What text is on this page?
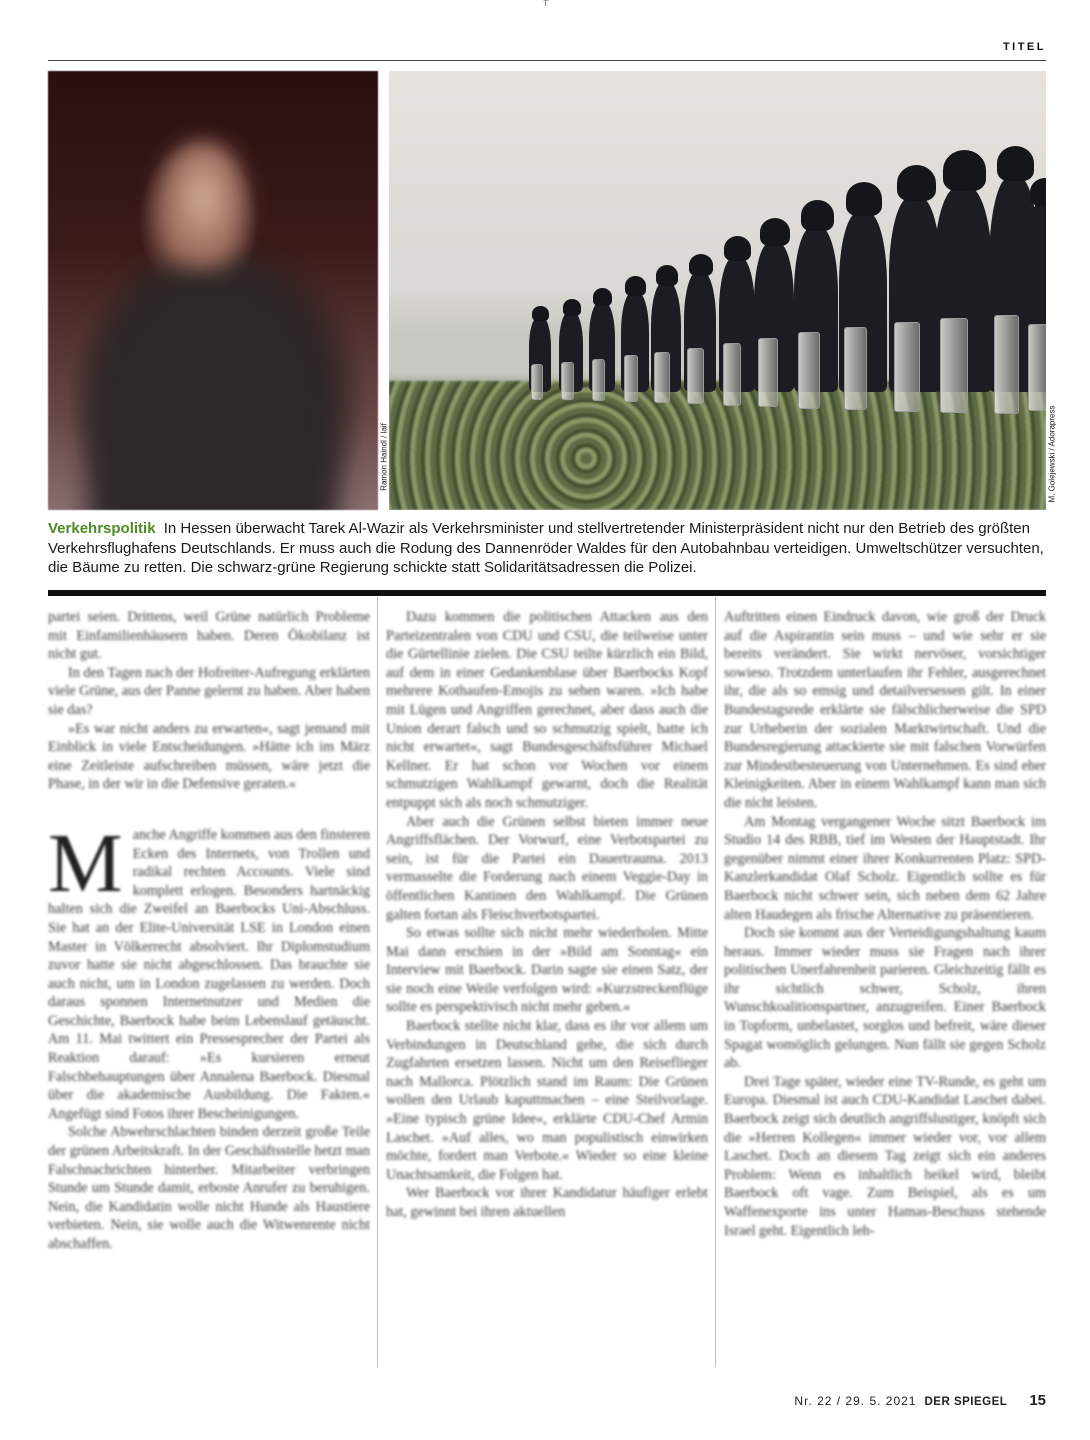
TITEL
Ramon Haindl / laif	M. Golejewski / Adorapress
Verkehrspolitik In Hessen überwacht Tarek Al-Wazir als Verkehrsminister und stellvertretender Ministerpräsident nicht nur den Betrieb des größten Verkehrsflughafens Deutschlands. Er muss auch die Rodung des Dannenröder Waldes für den Autobahnbau verteidigen. Umweltschützer versuchten, die Bäume zu retten. Die schwarz-grüne Regierung schickte statt Solidaritätsadressen die Polizei.

partei seien. Drittens, weil Grüne natürlich Probleme mit Einfamilienhäusern haben. Deren Ökobilanz ist nicht gut.

In den Tagen nach der Hofreiter-Aufregung erklärten viele Grüne, aus der Panne gelernt zu haben. Aber haben sie das?

»Es war nicht anders zu erwarten«, sagt jemand mit Einblick in viele Entscheidungen. »Hätte ich im März eine Zeitleiste aufschreiben müssen, wäre jetzt die Phase, in der wir in die Defensive geraten.«

M anche Angriffe kommen aus den finsteren Ecken des Internets, von Trollen und radikal rechten Accounts. Viele sind komplett erlogen. Besonders hartnäckig halten sich die Zweifel an Baerbocks Uni-Abschluss. Sie hat an der Elite-Universität LSE in London einen Master in Völkerrecht absolviert. Ihr Diplomstudium zuvor hatte sie nicht abgeschlossen. Das brauchte sie auch nicht, um in London zugelassen zu werden. Doch daraus sponnen Internetnutzer und Medien die Geschichte, Baerbock habe beim Lebenslauf getäuscht. Am 11. Mai twittert ein Pressesprecher der Partei als Reaktion darauf: »Es kursieren erneut Falschbehauptungen über Annalena Baerbock. Diesmal über die akademische Ausbildung. Die Fakten.« Angefügt sind Fotos ihrer Bescheinigungen.

Solche Abwehrschlachten binden derzeit große Teile der grünen Arbeitskraft. In der Geschäftsstelle hetzt man Falschnachrichten hinterher. Mitarbeiter verbringen Stunde um Stunde damit, erboste Anrufer zu beruhigen. Nein, die Kandidatin wolle nicht Hunde als Haustiere verbieten. Nein, sie wolle auch die Witwenrente nicht abschaffen.

Dazu kommen die politischen Attacken aus den Parteizentralen von CDU und CSU, die teilweise unter die Gürtellinie zielen. Die CSU teilte kürzlich ein Bild, auf dem in einer Gedankenblase über Baerbocks Kopf mehrere Kothaufen-Emojis zu sehen waren. »Ich habe mit Lügen und Angriffen gerechnet, aber dass auch die Union derart falsch und so schmutzig spielt, hatte ich nicht erwartet«, sagt Bundesgeschäftsführer Michael Kellner. Er hat schon vor Wochen vor einem schmutzigen Wahlkampf gewarnt, doch die Realität entpuppt sich als noch schmutziger.

Aber auch die Grünen selbst bieten immer neue Angriffsflächen. Der Vorwurf, eine Verbotspartei zu sein, ist für die Partei ein Dauertrauma. 2013 vermasselte die Forderung nach einem Veggie-Day in öffentlichen Kantinen den Wahlkampf. Die Grünen galten fortan als Fleischverbotspartei.

So etwas sollte sich nicht mehr wiederholen. Mitte Mai dann erschien in der »Bild am Sonntag« ein Interview mit Baerbock. Darin sagte sie einen Satz, der sie noch eine Weile verfolgen wird: »Kurzstreckenflüge sollte es perspektivisch nicht mehr geben.«

Baerbock stellte nicht klar, dass es ihr vor allem um Verbindungen in Deutschland gehe, die sich durch Zugfahrten ersetzen lassen. Nicht um den Reiseflieger nach Mallorca. Plötzlich stand im Raum: Die Grünen wollen den Urlaub kaputtmachen – eine Steilvorlage. »Eine typisch grüne Idee«, erklärte CDU-Chef Armin Laschet. »Auf alles, wo man populistisch einwirken möchte, fordert man Verbote.« Wieder so eine kleine Unachtsamkeit, die Folgen hat.

Wer Baerbock vor ihrer Kandidatur häufiger erlebt hat, gewinnt bei ihren aktuellen

Auftritten einen Eindruck davon, wie groß der Druck auf die Aspirantin sein muss – und wie sehr er sie bereits verändert. Sie wirkt nervöser, vorsichtiger sowieso. Trotzdem unterlaufen ihr Fehler, ausgerechnet ihr, die als so emsig und detailversessen gilt. In einer Bundestagsrede erklärte sie fälschlicherweise die SPD zur Urheberin der sozialen Marktwirtschaft. Und die Bundesregierung attackierte sie mit falschen Vorwürfen zur Mindestbesteuerung von Unternehmen. Es sind eher Kleinigkeiten. Aber in einem Wahlkampf kann man sich die nicht leisten.

Am Montag vergangener Woche sitzt Baerbock im Studio 14 des RBB, tief im Westen der Hauptstadt. Ihr gegenüber nimmt einer ihrer Konkurrenten Platz: SPD-Kanzlerkandidat Olaf Scholz. Eigentlich sollte es für Baerbock nicht schwer sein, sich neben dem 62 Jahre alten Haudegen als frische Alternative zu präsentieren.

Doch sie kommt aus der Verteidigungshaltung kaum heraus. Immer wieder muss sie Fragen nach ihrer politischen Unerfahrenheit parieren. Gleichzeitig fällt es ihr sichtlich schwer, Scholz, ihren Wunschkoalitionspartner, anzugreifen. Einer Baerbock in Topform, unbelastet, sorglos und befreit, wäre dieser Spagat womöglich gelungen. Nun fällt sie gegen Scholz ab.

Drei Tage später, wieder eine TV-Runde, es geht um Europa. Diesmal ist auch CDU-Kandidat Laschet dabei. Baerbock zeigt sich deutlich angriffslustiger, knöpft sich die »Herren Kollegen« immer wieder vor, vor allem Laschet. Doch an diesem Tag zeigt sich ein anderes Problem: Wenn es inhaltlich heikel wird, bleibt Baerbock oft vage. Zum Beispiel, als es um Waffenexporte ins unter Hamas-Beschuss stehende Israel geht. Eigentlich leh-

Nr. 22 / 29. 5. 2021 DER SPIEGEL 15
